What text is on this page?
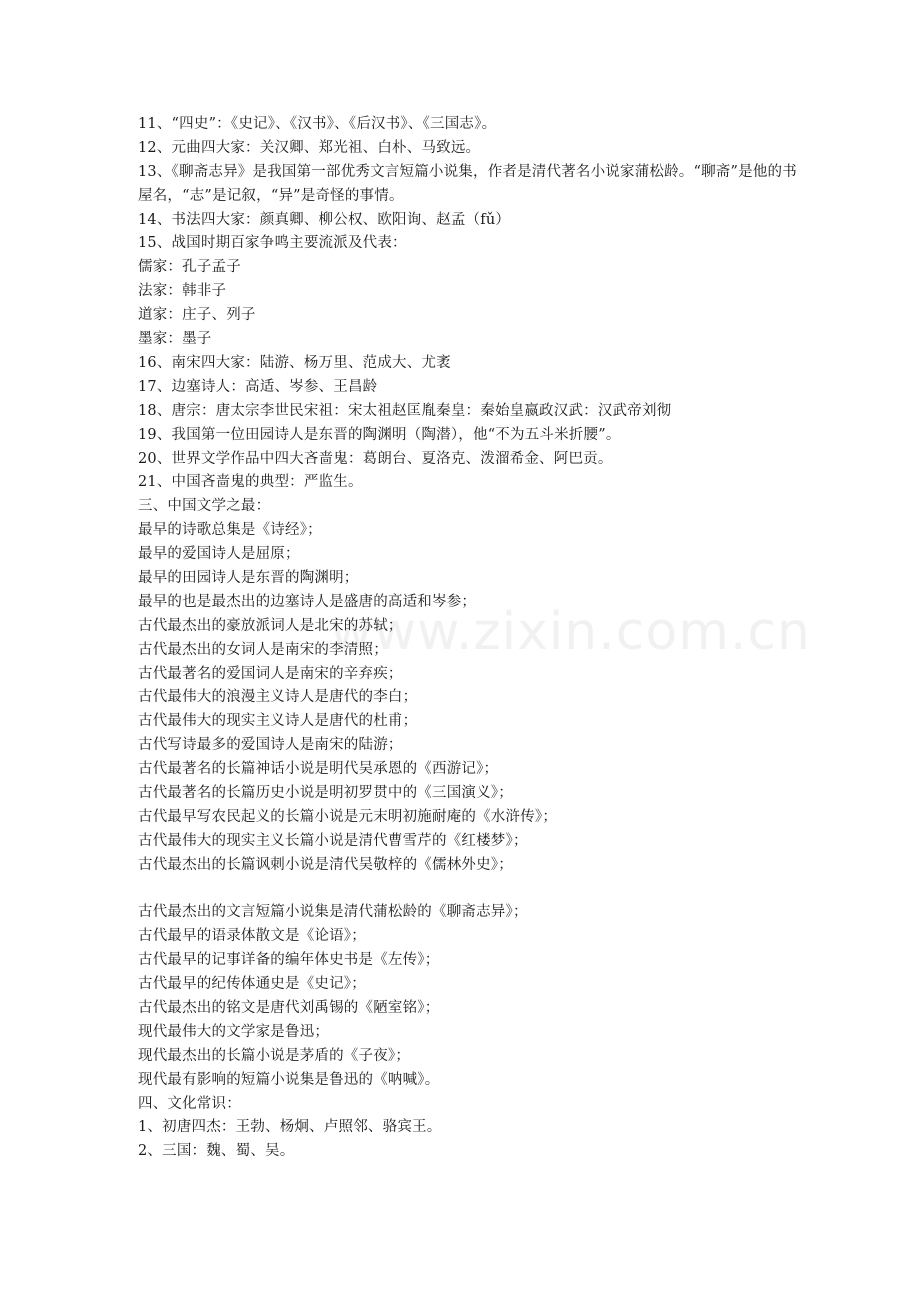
www.zixin.com.cn
11、“四史”：《史记》、《汉书》、《后汉书》、《三国志》。
12、元曲四大家：关汉卿、郑光祖、白朴、马致远。
13、《聊斋志异》是我国第一部优秀文言短篇小说集，作者是清代著名小说家蒲松龄。“聊斋”是他的书屋名，“志”是记叙，“异”是奇怪的事情。
14、书法四大家：颜真卿、柳公权、欧阳询、赵孟（fǔ）
15、战国时期百家争鸣主要流派及代表：
儒家：孔子孟子
法家：韩非子
道家：庄子、列子
墨家：墨子
16、南宋四大家：陆游、杨万里、范成大、尤袤
17、边塞诗人：高适、岑参、王昌龄
18、唐宗：唐太宗李世民宋祖：宋太祖赵匡胤秦皇：秦始皇嬴政汉武：汉武帝刘彻
19、我国第一位田园诗人是东晋的陶渊明（陶潜），他“不为五斗米折腰”。
20、世界文学作品中四大吝啬鬼：葛朗台、夏洛克、泼溜希金、阿巴贡。
21、中国吝啬鬼的典型：严监生。
三、中国文学之最：
最早的诗歌总集是《诗经》；
最早的爱国诗人是屈原；
最早的田园诗人是东晋的陶渊明；
最早的也是最杰出的边塞诗人是盛唐的高适和岑参；
古代最杰出的豪放派词人是北宋的苏轼；
古代最杰出的女词人是南宋的李清照；
古代最著名的爱国词人是南宋的辛弃疾；
古代最伟大的浪漫主义诗人是唐代的李白；
古代最伟大的现实主义诗人是唐代的杜甫；
古代写诗最多的爱国诗人是南宋的陆游；
古代最著名的长篇神话小说是明代吴承恩的《西游记》；
古代最著名的长篇历史小说是明初罗贯中的《三国演义》；
古代最早写农民起义的长篇小说是元末明初施耐庵的《水浒传》；
古代最伟大的现实主义长篇小说是清代曹雪芹的《红楼梦》；
古代最杰出的长篇讽刺小说是清代吴敬梓的《儒林外史》；
古代最杰出的文言短篇小说集是清代蒲松龄的《聊斋志异》；
古代最早的语录体散文是《论语》；
古代最早的记事详备的编年体史书是《左传》；
古代最早的纪传体通史是《史记》；
古代最杰出的铭文是唐代刘禹锡的《陋室铭》；
现代最伟大的文学家是鲁迅；
现代最杰出的长篇小说是茅盾的《子夜》；
现代最有影响的短篇小说集是鲁迅的《呐喊》。
四、文化常识：
1、初唐四杰：王勃、杨炯、卢照邻、骆宾王。
2、三国：魏、蜀、吴。
